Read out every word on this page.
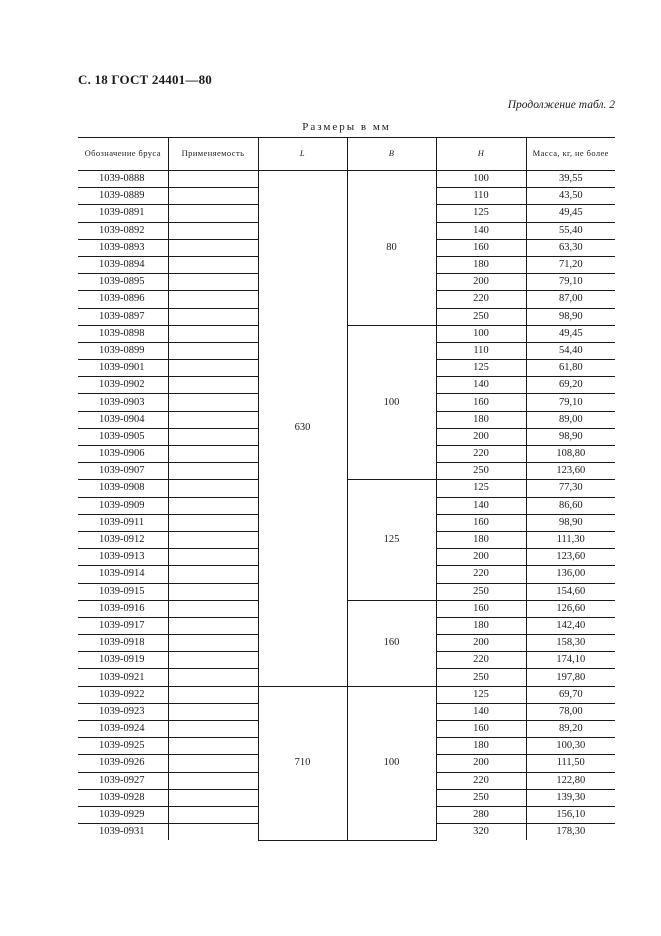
С. 18 ГОСТ 24401—80
Продолжение табл. 2
Размеры в мм
Обозначение бруса	Применяемость	L	B	H	Масса, кг, не более
1039-0888		630	80	100	39,55
1039-0889				110	43,50
1039-0891				125	49,45
1039-0892				140	55,40
1039-0893				160	63,30
1039-0894				180	71,20
1039-0895				200	79,10
1039-0896				220	87,00
1039-0897				250	98,90
1039-0898			100	100	49,45
1039-0899				110	54,40
1039-0901				125	61,80
1039-0902				140	69,20
1039-0903				160	79,10
1039-0904				180	89,00
1039-0905				200	98,90
1039-0906				220	108,80
1039-0907				250	123,60
1039-0908			125	125	77,30
1039-0909				140	86,60
1039-0911				160	98,90
1039-0912				180	111,30
1039-0913				200	123,60
1039-0914				220	136,00
1039-0915				250	154,60
1039-0916			160	160	126,60
1039-0917				180	142,40
1039-0918				200	158,30
1039-0919				220	174,10
1039-0921				250	197,80
1039-0922		710	100	125	69,70
1039-0923				140	78,00
1039-0924				160	89,20
1039-0925				180	100,30
1039-0926				200	111,50
1039-0927				220	122,80
1039-0928				250	139,30
1039-0929				280	156,10
1039-0931				320	178,30
